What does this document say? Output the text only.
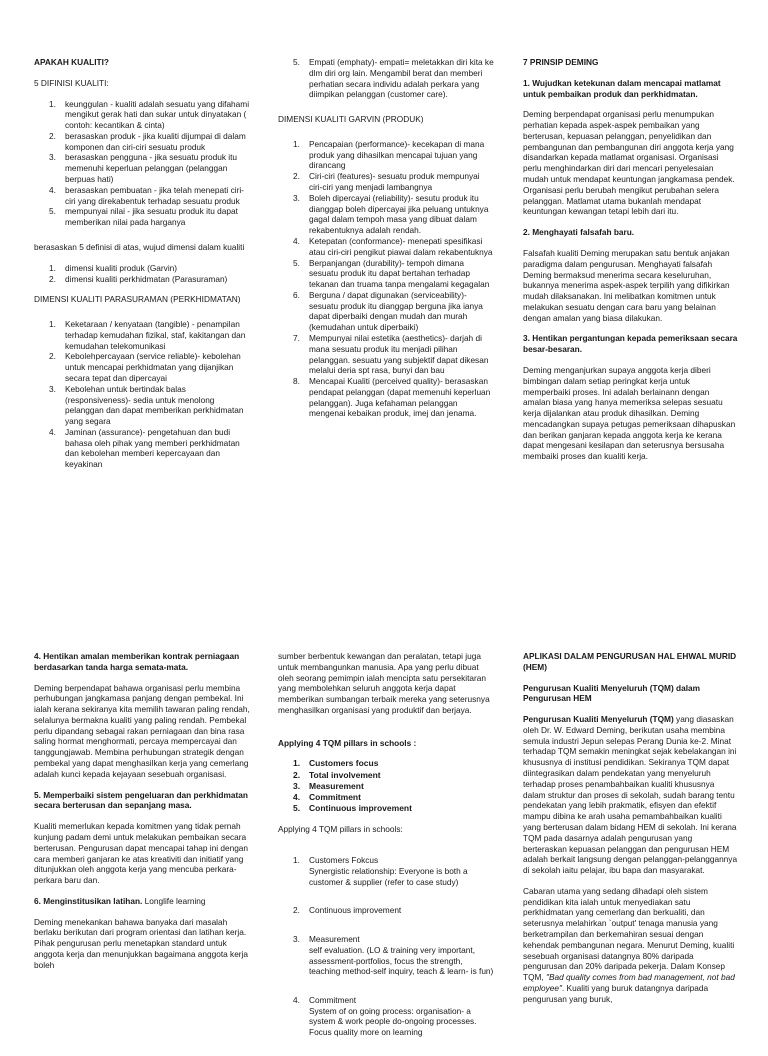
APAKAH KUALITI?

5 DIFINISI KUALITI:

1. keunggulan - kualiti adalah sesuatu yang difahami mengikut gerak hati dan sukar untuk dinyatakan ( contoh: kecantikan & cinta)
2. berasaskan produk - jika kualiti dijumpai di dalam komponen dan ciri-ciri sesuatu produk
3. berasaskan pengguna - jika sesuatu produk itu memenuhi keperluan pelanggan (pelanggan berpuas hati)
4. berasaskan pembuatan - jika telah menepati ciri-ciri yang direkabentuk terhadap sesuatu produk
5. mempunyai nilai - jika sesuatu produk itu dapat memberikan nilai pada harganya

berasaskan 5 definisi di atas, wujud dimensi dalam kualiti

1. dimensi kualiti produk (Garvin)
2. dimensi kualiti perkhidmatan (Parasuraman)

DIMENSI KUALITI PARASURAMAN (PERKHIDMATAN)

1. Keketaraan / kenyataan (tangible) - penampilan terhadap kemudahan fizikal, staf, kakitangan dan kemudahan telekomunikasi
2. Kebolehpercayaan (service reliable)- kebolehan untuk mencapai perkhidmatan yang dijanjikan secara tepat dan dipercayai
3. Kebolehan untuk bertindak balas (responsiveness)- sedia untuk menolong pelanggan dan dapat memberikan perkhidmatan yang segara
4. Jaminan (assurance)- pengetahuan dan budi bahasa oleh pihak yang memberi perkhidmatan dan kebolehan memberi kepercayaan dan keyakinan
5. Empati (emphaty)- empati= meletakkan diri kita ke dlm diri org lain. Mengambil berat dan memberi perhatian secara individu adalah perkara yang diimpikan pelanggan (customer care).

DIMENSI KUALITI GARVIN (PRODUK)

1. Pencapaian (performance)- kecekapan di mana produk yang dihasilkan mencapai tujuan yang dirancang
2. Ciri-ciri (features)- sesuatu produk mempunyai ciri-ciri yang menjadi lambangnya
3. Boleh dipercayai (reliability)- sesutu produk itu dianggap boleh dipercayai jika peluang untuknya gagal dalam tempoh masa yang dibuat dalam rekabentuknya adalah rendah.
4. Ketepatan (conformance)- menepati spesifikasi atau ciri-ciri pengikut piawai dalam rekabentuknya
5. Berpanjangan (durability)- tempoh dimana sesuatu produk itu dapat bertahan terhadap tekanan dan truama tanpa mengalami kegagalan
6. Berguna / dapat digunakan (serviceability)- sesuatu produk itu dianggap berguna jika ianya dapat diperbaiki dengan mudah dan murah (kemudahan untuk diperbaiki)
7. Mempunyai nilai estetika (aesthetics)- darjah di mana sesuatu produk itu menjadi pilihan pelanggan. sesuatu yang subjektif dapat dikesan melalui deria spt rasa, bunyi dan bau
8. Mencapai Kualiti (perceived quality)- berasaskan pendapat pelanggan (dapat memenuhi keperluan pelanggan). Juga kefahaman pelanggan mengenai kebaikan produk, imej dan jenama.

7 PRINSIP DEMING

1. Wujudkan ketekunan dalam mencapai matlamat untuk pembaikan produk dan perkhidmatan.

Deming berpendapat organisasi perlu menumpukan perhatian kepada aspek-aspek pembaikan yang berterusan, kepuasan pelanggan, penyelidikan dan pembangunan dan pembangunan diri anggota kerja yang disandarkan kepada matlamat organisasi. Organisasi perlu menghindarkan diri dari mencari penyelesaian mudah untuk mendapat keuntungan jangkamasa pendek. Organisasi perlu berubah mengikut perubahan selera pelanggan. Matlamat utama bukanlah mendapat keuntungan kewangan tetapi lebih dari itu.

2. Menghayati falsafah baru.

Falsafah kualiti Deming merupakan satu bentuk anjakan paradigma dalam pengurusan. Menghayati falsafah Deming bermaksud menerima secara keseluruhan, bukannya menerima aspek-aspek terpilih yang difikirkan mudah dilaksanakan. Ini melibatkan komitmen untuk melakukan sesuatu dengan cara baru yang belainan dengan amalan yang biasa dilakukan.

3. Hentikan pergantungan kepada pemeriksaan secara besar-besaran.

Deming menganjurkan supaya anggota kerja diberi bimbingan dalam setiap peringkat kerja untuk memperbaiki proses. Ini adalah berlainann dengan amalan biasa yang hanya memeriksa selepas sesuatu kerja dijalankan atau produk dihasilkan. Deming mencadangkan supaya petugas pemeriksaan dihapuskan dan berikan ganjaran kepada anggota kerja ke kerana dapat mengesani kesilapan dan seterusnya bersusaha membaiki proses dan kualiti kerja.

4. Hentikan amalan memberikan kontrak perniagaan berdasarkan tanda harga semata-mata.

Deming berpendapat bahawa organisasi perlu membina perhubungan jangkamasa panjang dengan pembekal. Ini ialah kerana sekiranya kita memilih tawaran paling rendah, selalunya bermakna kualiti yang paling rendah. Pembekal perlu dipandang sebagai rakan perniagaan dan bina rasa saling hormat menghormati, percaya mempercayai dan tanggungjawab. Membina perhubungan strategik dengan pembekal yang dapat menghasilkan kerja yang cemerlang adalah kunci kepada kejayaan sesebuah organisasi.

5. Memperbaiki sistem pengeluaran dan perkhidmatan secara berterusan dan sepanjang masa.

Kualiti memerlukan kepada komitmen yang tidak pernah kunjung padam demi untuk melakukan pembaikan secara berterusan. Pengurusan dapat mencapai tahap ini dengan cara memberi ganjaran ke atas kreativiti dan initiatif yang ditunjukkan oleh anggota kerja yang mencuba perkara-perkara baru dan.

6. Menginstitusikan latihan. Longlife learning

Deming menekankan bahawa banyaka dari masalah berlaku berikutan dari program orientasi dan latihan kerja. Pihak pengurusan perlu menetapkan standard untuk anggota kerja dan menunjukkan bagaimana anggota kerja boleh

sumber berbentuk kewangan dan peralatan, tetapi juga untuk membangunkan manusia. Apa yang perlu dibuat oleh seorang pemimpin ialah mencipta satu persekitaran yang membolehkan seluruh anggota kerja dapat memberikan sumbangan terbaik mereka yang seterusnya menghasilkan organisasi yang produktif dan berjaya.

Applying 4 TQM pillars in schools :

1. Customers focus
2. Total involvement
3. Measurement
4. Commitment
5. Continuous improvement

Applying 4 TQM pillars in schools:

1. Customers Fokcus
Synergistic relationship: Everyone is both a customer & supplier (refer to case study)

2. Continuous improvement

3. Measurement
self evaluation. (LO & training very important, assessment-portfolios, focus the strength, teaching method-self inquiry, teach & learn- is fun)

4. Commitment
System of on going process: organisation- a system & work people do-ongoing processes. Focus quality more on learning

APLIKASI DALAM PENGURUSAN HAL EHWAL MURID (HEM)

Pengurusan Kualiti Menyeluruh (TQM) dalam Pengurusan HEM

Pengurusan Kualiti Menyeluruh (TQM) yang diasaskan oleh Dr. W. Edward Deming, berikutan usaha membina semula industri Jepun selepas Perang Dunia ke-2. Minat terhadap TQM semakin meningkat sejak kebelakangan ini khususnya di institusi pendidikan. Sekiranya TQM dapat diintegrasikan dalam pendekatan yang menyeluruh terhadap proses penambahbaikan kualiti khususnya dalam struktur dan proses di sekolah, sudah barang tentu pendekatan yang lebih prakmatik, efisyen dan efektif mampu dibina ke arah usaha pemambahbaikan kualiti yang berterusan dalam bidang HEM di sekolah. Ini kerana TQM pada dasarnya adalah pengurusan yang berteraskan kepuasan pelanggan dan pengurusan HEM adalah berkait langsung dengan pelanggan-pelanggannya di sekolah iaitu pelajar, ibu bapa dan masyarakat.

Cabaran utama yang sedang dihadapi oleh sistem pendidikan kita ialah untuk menyediakan satu perkhidmatan yang cemerlang dan berkualiti, dan seterusnya melahirkan `output' tenaga manusia yang berketrampilan dan berkemahiran sesuai dengan kehendak pembangunan negara. Menurut Deming, kualiti sesebuah organisasi datangnya 80% daripada pengurusan dan 20% daripada pekerja. Dalam Konsep TQM, "Bad quality comes from bad management, not bad employee". Kualiti yang buruk datangnya daripada pengurusan yang buruk,
